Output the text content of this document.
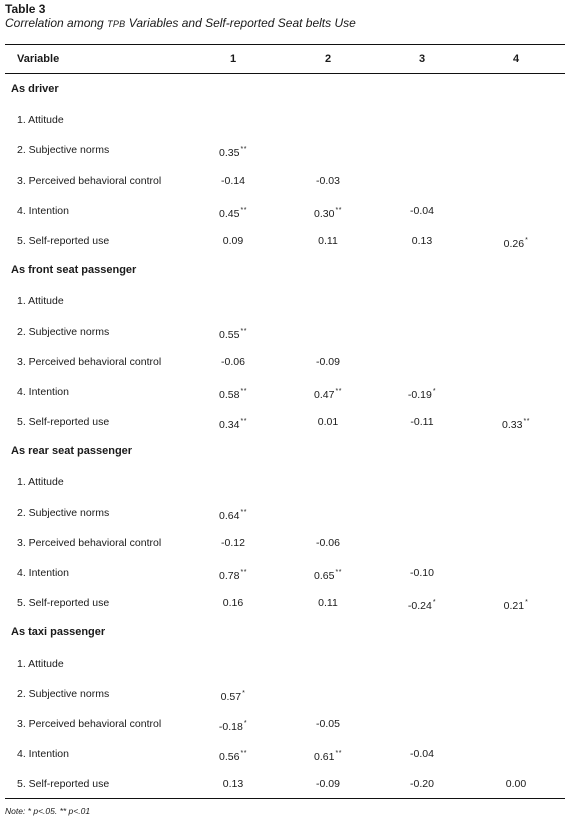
Table 3
Correlation among TPB Variables and Self-reported Seat belts Use
Variable	1	2	3	4
As driver
1. Attitude
2. Subjective norms	0.35**
3. Perceived behavioral control	-0.14	-0.03
4. Intention	0.45**	0.30**	-0.04
5. Self-reported use	0.09	0.11	0.13	0.26*
As front seat passenger
1. Attitude
2. Subjective norms	0.55**
3. Perceived behavioral control	-0.06	-0.09
4. Intention	0.58**	0.47**	-0.19*
5. Self-reported use	0.34**	0.01	-0.11	0.33**
As rear seat passenger
1. Attitude
2. Subjective norms	0.64**
3. Perceived behavioral control	-0.12	-0.06
4. Intention	0.78**	0.65**	-0.10
5. Self-reported use	0.16	0.11	-0.24*	0.21*
As taxi passenger
1. Attitude
2. Subjective norms	0.57*
3. Perceived behavioral control	-0.18*	-0.05
4. Intention	0.56**	0.61**	-0.04
5. Self-reported use	0.13	-0.09	-0.20	0.00
Note: * p<.05. ** p<.01
